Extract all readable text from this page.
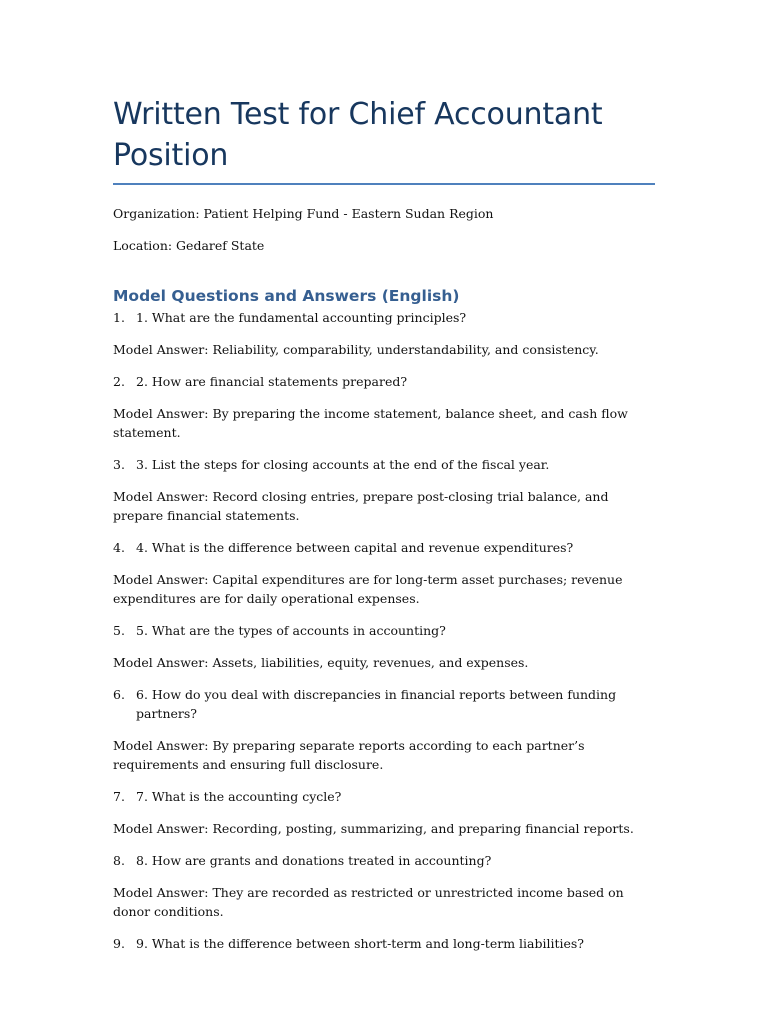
Written Test for Chief Accountant Position

Organization: Patient Helping Fund - Eastern Sudan Region

Location: Gedaref State

Model Questions and Answers (English)
1. 1. What are the fundamental accounting principles?

Model Answer: Reliability, comparability, understandability, and consistency.

2. 2. How are financial statements prepared?

Model Answer: By preparing the income statement, balance sheet, and cash flow statement.

3. 3. List the steps for closing accounts at the end of the fiscal year.

Model Answer: Record closing entries, prepare post-closing trial balance, and prepare financial statements.

4. 4. What is the difference between capital and revenue expenditures?

Model Answer: Capital expenditures are for long-term asset purchases; revenue expenditures are for daily operational expenses.

5. 5. What are the types of accounts in accounting?

Model Answer: Assets, liabilities, equity, revenues, and expenses.

6. 6. How do you deal with discrepancies in financial reports between funding partners?

Model Answer: By preparing separate reports according to each partner’s requirements and ensuring full disclosure.

7. 7. What is the accounting cycle?

Model Answer: Recording, posting, summarizing, and preparing financial reports.

8. 8. How are grants and donations treated in accounting?

Model Answer: They are recorded as restricted or unrestricted income based on donor conditions.

9. 9. What is the difference between short-term and long-term liabilities?
